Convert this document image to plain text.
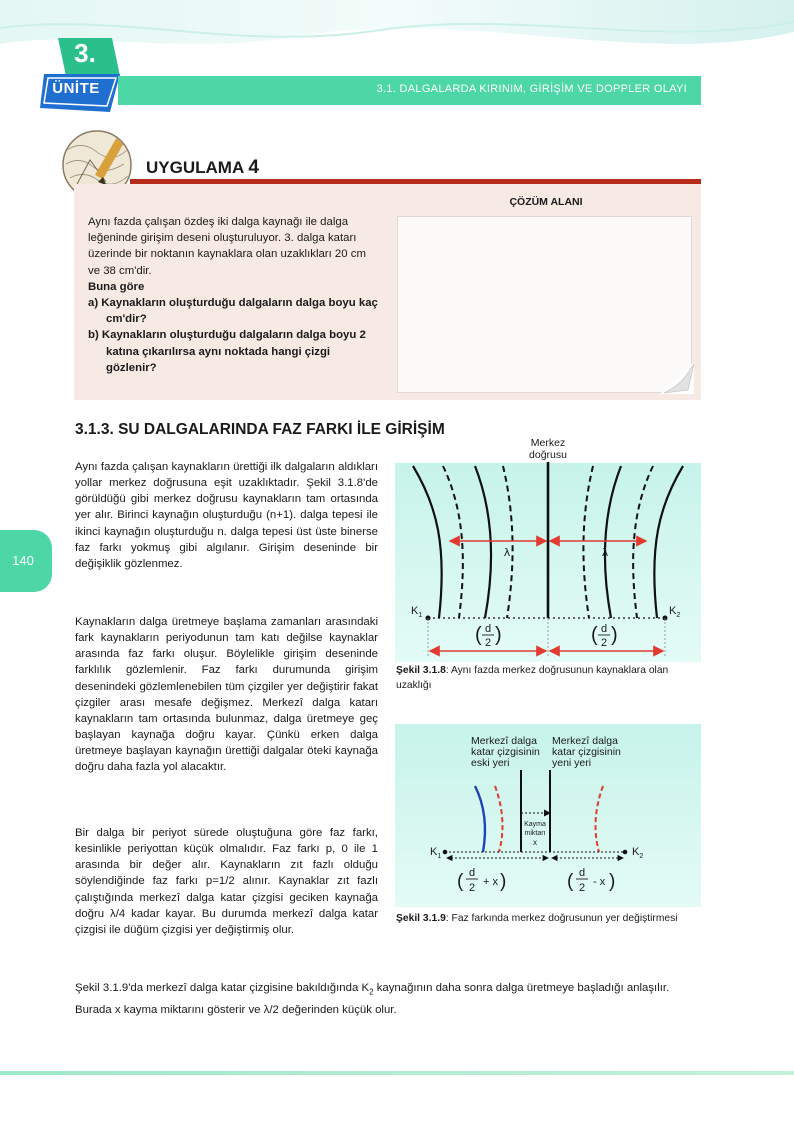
3.
ÜNİTE	3.1. DALGALARDA KIRINIM, GİRİŞİM VE DOPPLER OLAYI
140
UYGULAMA 4

Aynı fazda çalışan özdeş iki dalga kaynağı ile dalga leğeninde girişim deseni oluşturuluyor. 3. dalga katarı üzerinde bir noktanın kaynaklara olan uzaklıkları 20 cm ve 38 cm'dir.

Buna göre

a) Kaynakların oluşturduğu dalgaların dalga boyu kaç cm'dir?

b) Kaynakların oluşturduğu dalgaların dalga boyu 2 katına çıkarılırsa aynı noktada hangi çizgi gözlenir?

ÇÖZÜM ALANI
3.1.3. SU DALGALARINDA FAZ FARKI İLE GİRİŞİM
Aynı fazda çalışan kaynakların ürettiği ilk dalgaların aldıkları yollar merkez doğrusuna eşit uzaklıktadır. Şekil 3.1.8'de görüldüğü gibi merkez doğrusu kaynakların tam ortasında yer alır. Birinci kaynağın oluşturduğu (n+1). dalga tepesi ile ikinci kaynağın oluşturduğu n. dalga tepesi üst üste binerse faz farkı yokmuş gibi algılanır. Girişim deseninde bir değişiklik gözlenmez.
Kaynakların dalga üretmeye başlama zamanları arasındaki fark kaynakların periyodunun tam katı değilse kaynaklar arasında faz farkı oluşur. Böylelikle girişim deseninde farklılık gözlemlenir. Faz farkı durumunda girişim desenindeki gözlemlenebilen tüm çizgiler yer değiştirir fakat çizgiler arası mesafe değişmez. Merkezî dalga katarı kaynakların tam ortasında bulunmaz, dalga üretmeye geç başlayan kaynağa doğru kayar. Çünkü erken dalga üretmeye başlayan kaynağın ürettiği dalgalar öteki kaynağa doğru daha fazla yol alacaktır.
Bir dalga bir periyot sürede oluştuğuna göre faz farkı, kesinlikle periyottan küçük olmalıdır. Faz farkı p, 0 ile 1 arasında bir değer alır. Kaynakların zıt fazlı olduğu söylendiğinde faz farkı p=1/2 alınır. Kaynaklar zıt fazlı çalıştığında merkezî dalga katar çizgisi geciken kaynağa doğru λ/4 kadar kayar. Bu durumda merkezî dalga katar çizgisi ile düğüm çizgisi yer değiştirmiş olur.
Şekil 3.1.9'da merkezî dalga katar çizgisine bakıldığında $K_2$ kaynağının daha sonra dalga üretmeye başladığı anlaşılır. Burada x kayma miktarını gösterir ve λ/2 değerinden küçük olur.
Merkez
doğrusu
λ	λ
$K_1$	$K_2$
( d
2 )	( d
2 )
Şekil 3.1.8: Aynı fazda merkez doğrusunun kaynaklara olan uzaklığı
Merkezî dalga
katar çizgisinin
eski yeri
Merkezî dalga
katar çizgisinin
yeni yeri
Kayma
miktarı
x
$K_1$	$K_2$
( d
2 + x )	( d
2 - x )
Şekil 3.1.9: Faz farkında merkez doğrusunun yer değiştirmesi
